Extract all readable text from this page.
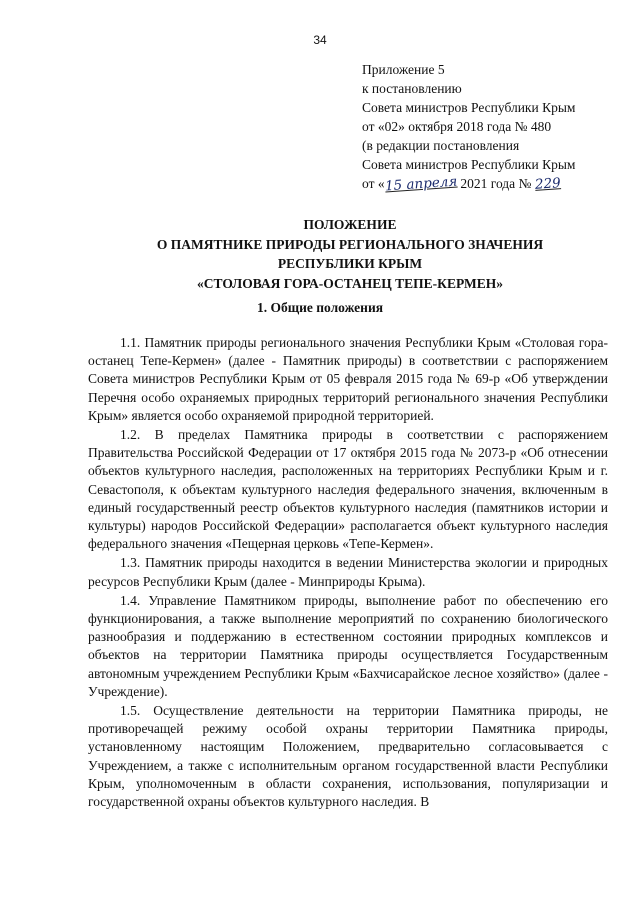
34
Приложение 5
к постановлению
Совета министров Республики Крым
от «02» октября 2018 года № 480
(в редакции постановления
Совета министров Республики Крым
от «15 апреля 2021 года № 229
ПОЛОЖЕНИЕ
О ПАМЯТНИКЕ ПРИРОДЫ РЕГИОНАЛЬНОГО ЗНАЧЕНИЯ
РЕСПУБЛИКИ КРЫМ
«СТОЛОВАЯ ГОРА-ОСТАНЕЦ ТЕПЕ-КЕРМЕН»
1. Общие положения

1.1. Памятник природы регионального значения Республики Крым «Столовая гора-останец Тепе-Кермен» (далее - Памятник природы) в соответствии с распоряжением Совета министров Республики Крым от 05 февраля 2015 года № 69-р «Об утверждении Перечня особо охраняемых природных территорий регионального значения Республики Крым» является особо охраняемой природной территорией.

1.2. В пределах Памятника природы в соответствии с распоряжением Правительства Российской Федерации от 17 октября 2015 года № 2073-р «Об отнесении объектов культурного наследия, расположенных на территориях Республики Крым и г. Севастополя, к объектам культурного наследия федерального значения, включенным в единый государственный реестр объектов культурного наследия (памятников истории и культуры) народов Российской Федерации» располагается объект культурного наследия федерального значения «Пещерная церковь «Тепе-Кермен».

1.3. Памятник природы находится в ведении Министерства экологии и природных ресурсов Республики Крым (далее - Минприроды Крыма).

1.4. Управление Памятником природы, выполнение работ по обеспечению его функционирования, а также выполнение мероприятий по сохранению биологического разнообразия и поддержанию в естественном состоянии природных комплексов и объектов на территории Памятника природы осуществляется Государственным автономным учреждением Республики Крым «Бахчисарайское лесное хозяйство» (далее - Учреждение).

1.5. Осуществление деятельности на территории Памятника природы, не противоречащей режиму особой охраны территории Памятника природы, установленному настоящим Положением, предварительно согласовывается с Учреждением, а также с исполнительным органом государственной власти Республики Крым, уполномоченным в области сохранения, использования, популяризации и государственной охраны объектов культурного наследия. В
